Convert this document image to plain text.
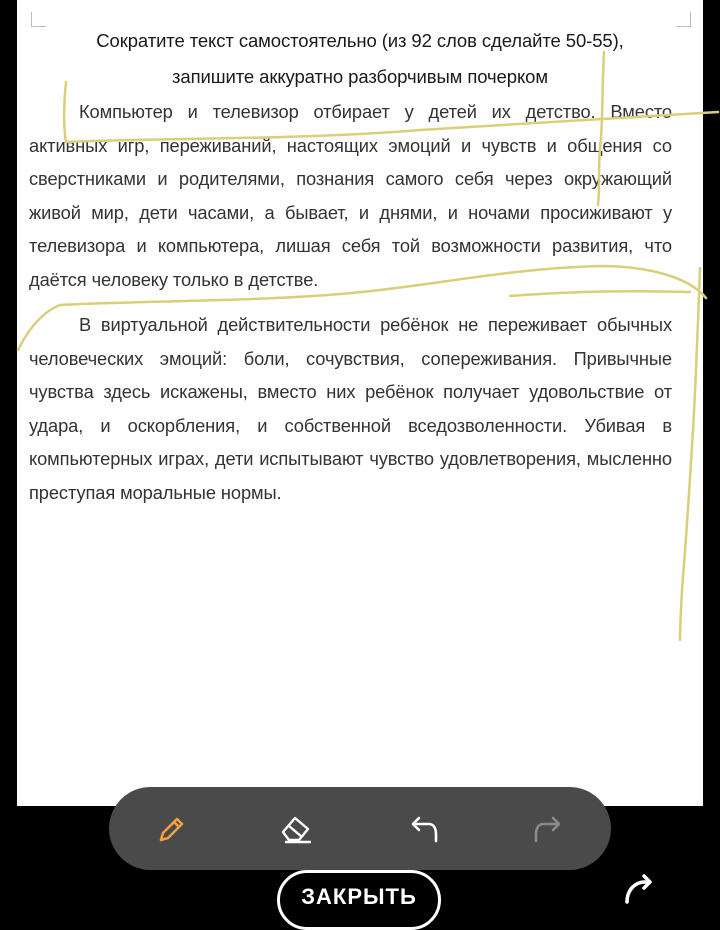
Сократите текст самостоятельно (из 92 слов сделайте 50-55),
запишите аккуратно разборчивым почерком

Компьютер и телевизор отбирает у детей их детство. Вместо активных игр, переживаний, настоящих эмоций и чувств и общения со сверстниками и родителями, познания самого себя через окружающий живой мир, дети часами, а бывает, и днями, и ночами просиживают у телевизора и компьютера, лишая себя той возможности развития, что даётся человеку только в детстве.

В виртуальной действительности ребёнок не переживает обычных человеческих эмоций: боли, сочувствия, сопереживания. Привычные чувства здесь искажены, вместо них ребёнок получает удовольствие от удара, и оскорбления, и собственной вседозволенности. Убивая в компьютерных играх, дети испытывают чувство удовлетворения, мысленно преступая моральные нормы.

ЗАКРЫТЬ
